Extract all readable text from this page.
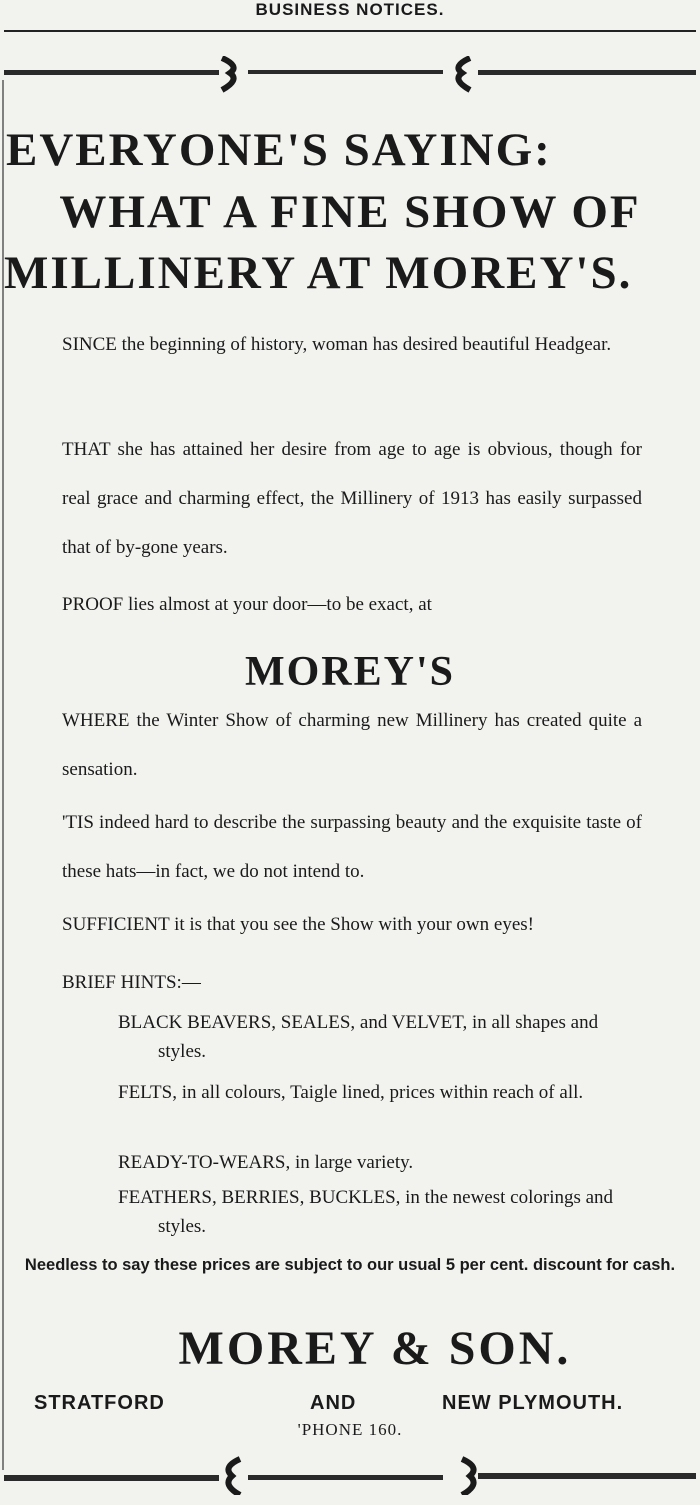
BUSINESS NOTICES.
EVERYONE'S SAYING:
WHAT A FINE SHOW OF
MILLINERY AT MOREY'S.

SINCE the beginning of history, woman has desired beautiful Headgear.

THAT she has attained her desire from age to age is obvious, though for real grace and charming effect, the Millinery of 1913 has easily surpassed that of by-gone years.

PROOF lies almost at your door—to be exact, at

MOREY'S

WHERE the Winter Show of charming new Millinery has created quite a sensation.

'TIS indeed hard to describe the surpassing beauty and the exquisite taste of these hats—in fact, we do not intend to.

SUFFICIENT it is that you see the Show with your own eyes!

BRIEF HINTS:—

BLACK BEAVERS, SEALES, and VELVET, in all shapes and styles.

FELTS, in all colours, Taigle lined, prices within reach of all.

READY-TO-WEARS, in large variety.

FEATHERS, BERRIES, BUCKLES, in the newest colorings and styles.

Needless to say these prices are subject to our usual 5 per cent. discount for cash.
MOREY & SON.
STRATFORD	AND	NEW PLYMOUTH.
'PHONE 160.
